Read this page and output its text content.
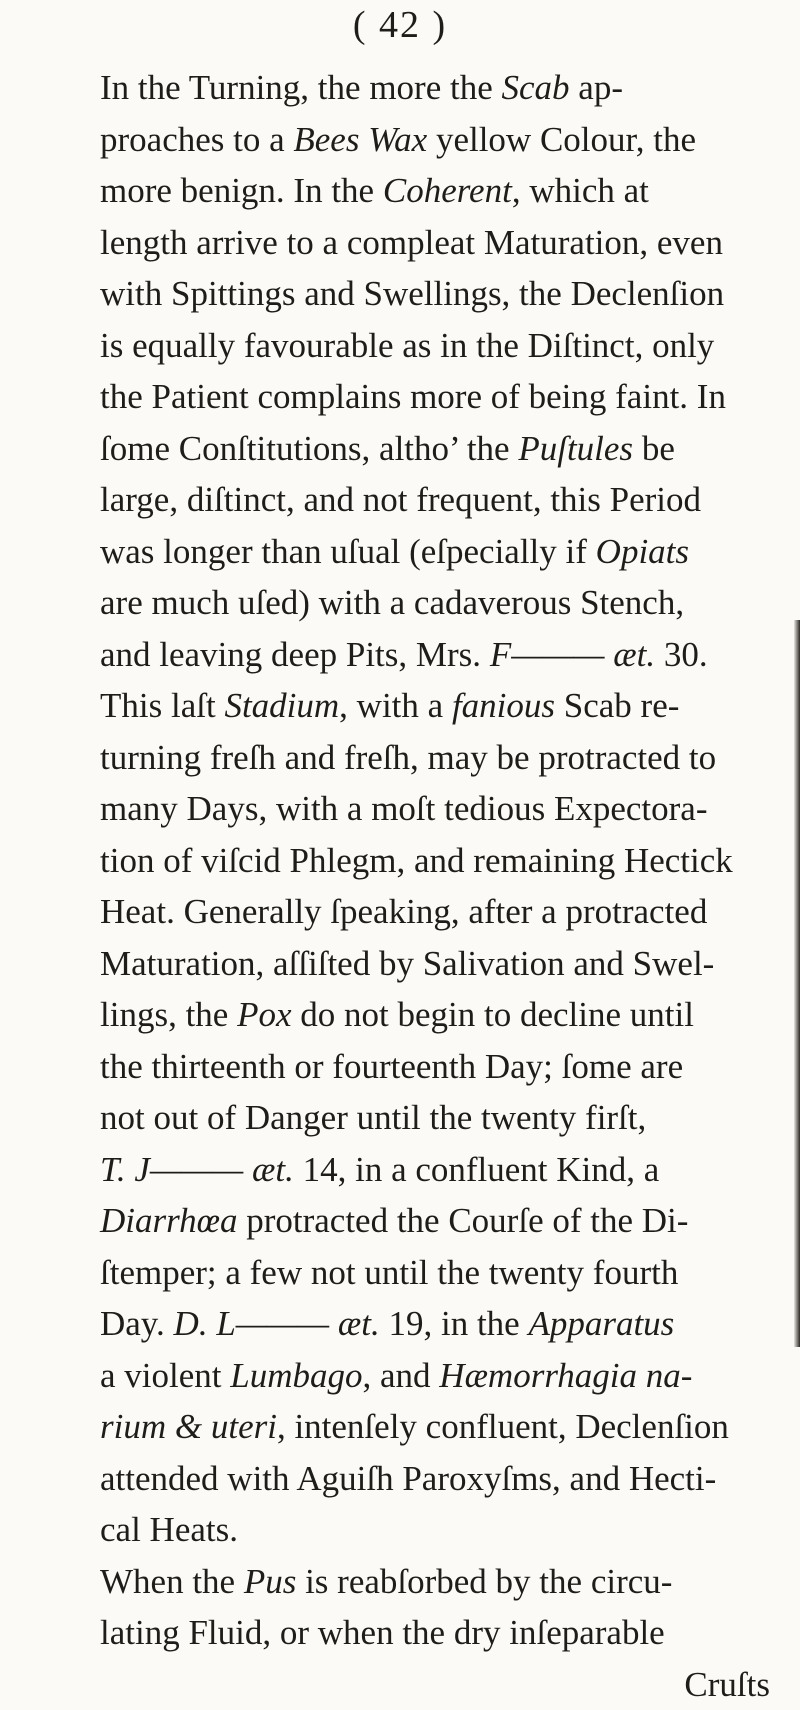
( 42 )
In the Turning, the more the Scab ap-
proaches to a Bees Wax yellow Colour, the
more benign. In the Coherent, which at
length arrive to a compleat Maturation, even
with Spittings and Swellings, the Declenſion
is equally favourable as in the Diſtinct, only
the Patient complains more of being faint. In
ſome Conſtitutions, altho’ the Puſtules be
large, diſtinct, and not frequent, this Period
was longer than uſual (eſpecially if Opiats
are much uſed) with a cadaverous Stench,
and leaving deep Pits, Mrs. F——— æt. 30.
This laſt Stadium, with a fanious Scab re-
turning freſh and freſh, may be protracted to
many Days, with a moſt tedious Expectora-
tion of viſcid Phlegm, and remaining Hectick
Heat. Generally ſpeaking, after a protracted
Maturation, aſſiſted by Salivation and Swel-
lings, the Pox do not begin to decline until
the thirteenth or fourteenth Day; ſome are
not out of Danger until the twenty firſt,
T. J——— æt. 14, in a confluent Kind, a
Diarrhœa protracted the Courſe of the Di-
ſtemper; a few not until the twenty fourth
Day. D. L——— æt. 19, in the Apparatus
a violent Lumbago, and Hæmorrhagia na-
rium & uteri, intenſely confluent, Declenſion
attended with Aguiſh Paroxyſms, and Hecti-
cal Heats.
When the Pus is reabſorbed by the circu-
lating Fluid, or when the dry inſeparable
Cruſts
